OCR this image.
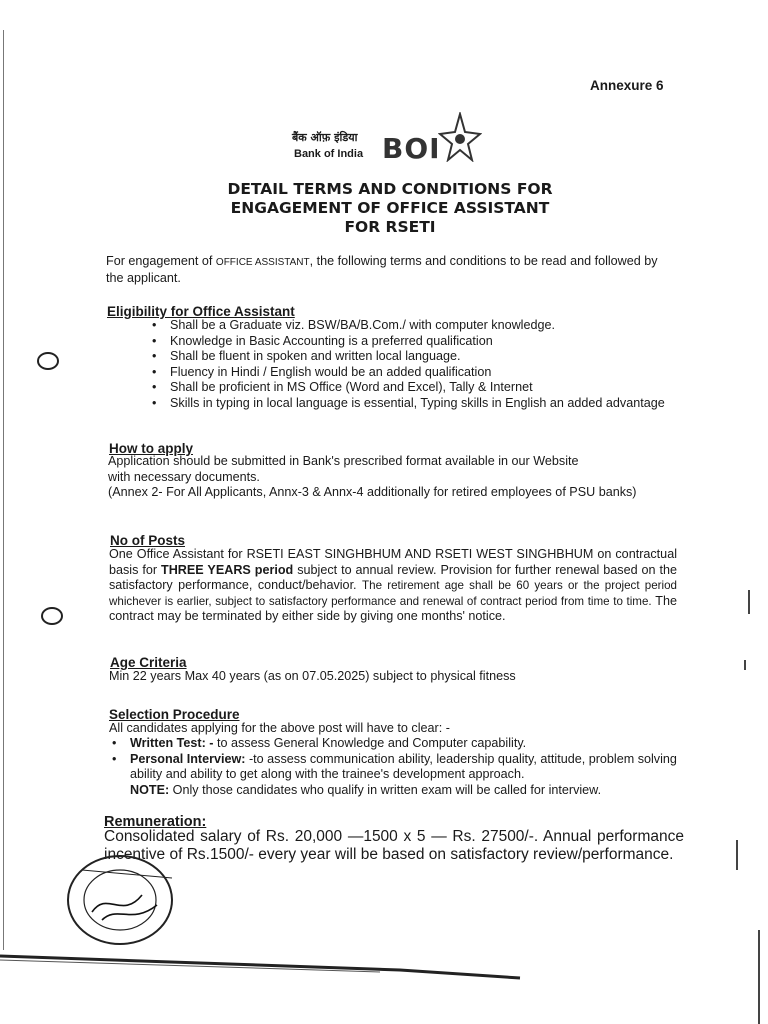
Annexure 6
बैंक ऑफ़ इंडिया
Bank of India BOI
DETAIL TERMS AND CONDITIONS FOR
ENGAGEMENT OF OFFICE ASSISTANT
FOR RSETI
For engagement of OFFICE ASSISTANT, the following terms and conditions to be read and followed by the applicant.
Eligibility for Office Assistant
• Shall be a Graduate viz. BSW/BA/B.Com./ with computer knowledge.
• Knowledge in Basic Accounting is a preferred qualification
• Shall be fluent in spoken and written local language.
• Fluency in Hindi / English would be an added qualification
• Shall be proficient in MS Office (Word and Excel), Tally & Internet
• Skills in typing in local language is essential, Typing skills in English an added advantage
How to apply
Application should be submitted in Bank's prescribed format available in our Website
with necessary documents.
(Annex 2- For All Applicants, Annx-3 & Annx-4 additionally for retired employees of PSU banks)
No of Posts
One Office Assistant for RSETI EAST SINGHBHUM AND RSETI WEST SINGHBHUM on contractual basis for THREE YEARS period subject to annual review. Provision for further renewal based on the satisfactory performance, conduct/behavior. The retirement age shall be 60 years or the project period whichever is earlier, subject to satisfactory performance and renewal of contract period from time to time. The contract may be terminated by either side by giving one months' notice.
Age Criteria
Min 22 years Max 40 years (as on 07.05.2025) subject to physical fitness
Selection Procedure
All candidates applying for the above post will have to clear: -
• Written Test: - to assess General Knowledge and Computer capability.
• Personal Interview: -to assess communication ability, leadership quality, attitude, problem solving ability and ability to get along with the trainee's development approach.
NOTE: Only those candidates who qualify in written exam will be called for interview.
Remuneration:
Consolidated salary of Rs. 20,000 —1500 x 5 — Rs. 27500/-. Annual performance incentive of Rs.1500/- every year will be based on satisfactory review/performance.
